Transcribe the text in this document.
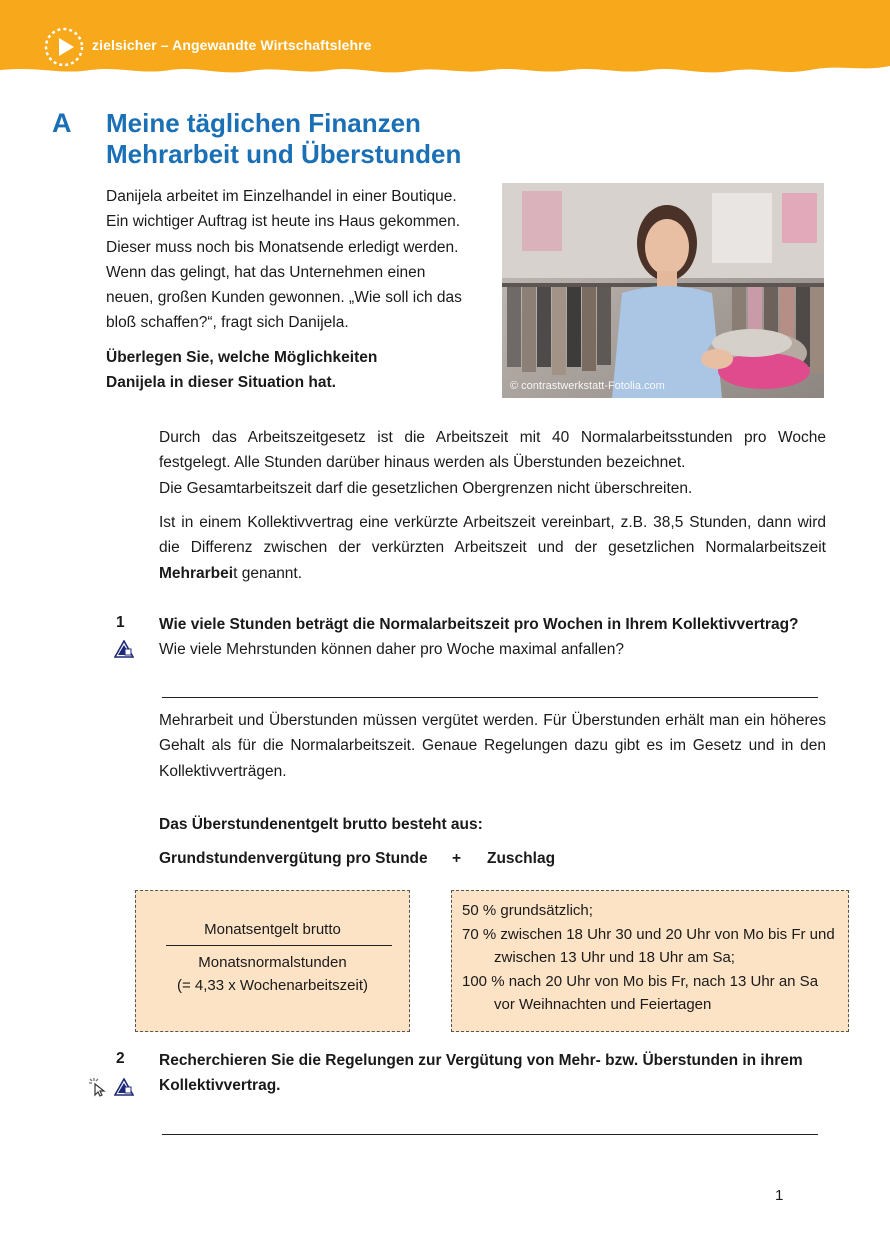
zielsicher – Angewandte Wirtschaftslehre
A Meine täglichen Finanzen
Mehrarbeit und Überstunden
Danijela arbeitet im Einzelhandel in einer Boutique.
Ein wichtiger Auftrag ist heute ins Haus gekommen.
Dieser muss noch bis Monatsende erledigt werden.
Wenn das gelingt, hat das Unternehmen einen
neuen, großen Kunden gewonnen. „Wie soll ich das
bloß schaffen?“, fragt sich Danijela.
Überlegen Sie, welche Möglichkeiten
Danijela in dieser Situation hat.	© contrastwerkstatt-Fotolia.com
Durch das Arbeitszeitgesetz ist die Arbeitszeit mit 40 Normalarbeitsstunden pro Woche festgelegt. Alle Stunden darüber hinaus werden als Überstunden bezeichnet.
Die Gesamtarbeitszeit darf die gesetzlichen Obergrenzen nicht überschreiten.
Ist in einem Kollektivvertrag eine verkürzte Arbeitszeit vereinbart, z.B. 38,5 Stunden, dann wird die Differenz zwischen der verkürzten Arbeitszeit und der gesetzlichen Normalarbeitszeit Mehrarbeit genannt.
1 Wie viele Stunden beträgt die Normalarbeitszeit pro Wochen in Ihrem Kollektivvertrag?
Wie viele Mehrstunden können daher pro Woche maximal anfallen?
Mehrarbeit und Überstunden müssen vergütet werden. Für Überstunden erhält man ein höheres Gehalt als für die Normalarbeitszeit. Genaue Regelungen dazu gibt es im Gesetz und in den Kollektivverträgen.
Das Überstundenentgelt brutto besteht aus:
Grundstundenvergütung pro Stunde + Zuschlag
Monatsentgelt brutto
Monatsnormalstunden
(= 4,33 x Wochenarbeitszeit)
50 % grundsätzlich;
70 % zwischen 18 Uhr 30 und 20 Uhr von Mo bis Fr und
zwischen 13 Uhr und 18 Uhr am Sa;
100 % nach 20 Uhr von Mo bis Fr, nach 13 Uhr an Sa
vor Weihnachten und Feiertagen
2 Recherchieren Sie die Regelungen zur Vergütung von Mehr- bzw. Überstunden in ihrem
Kollektivvertrag.
1
